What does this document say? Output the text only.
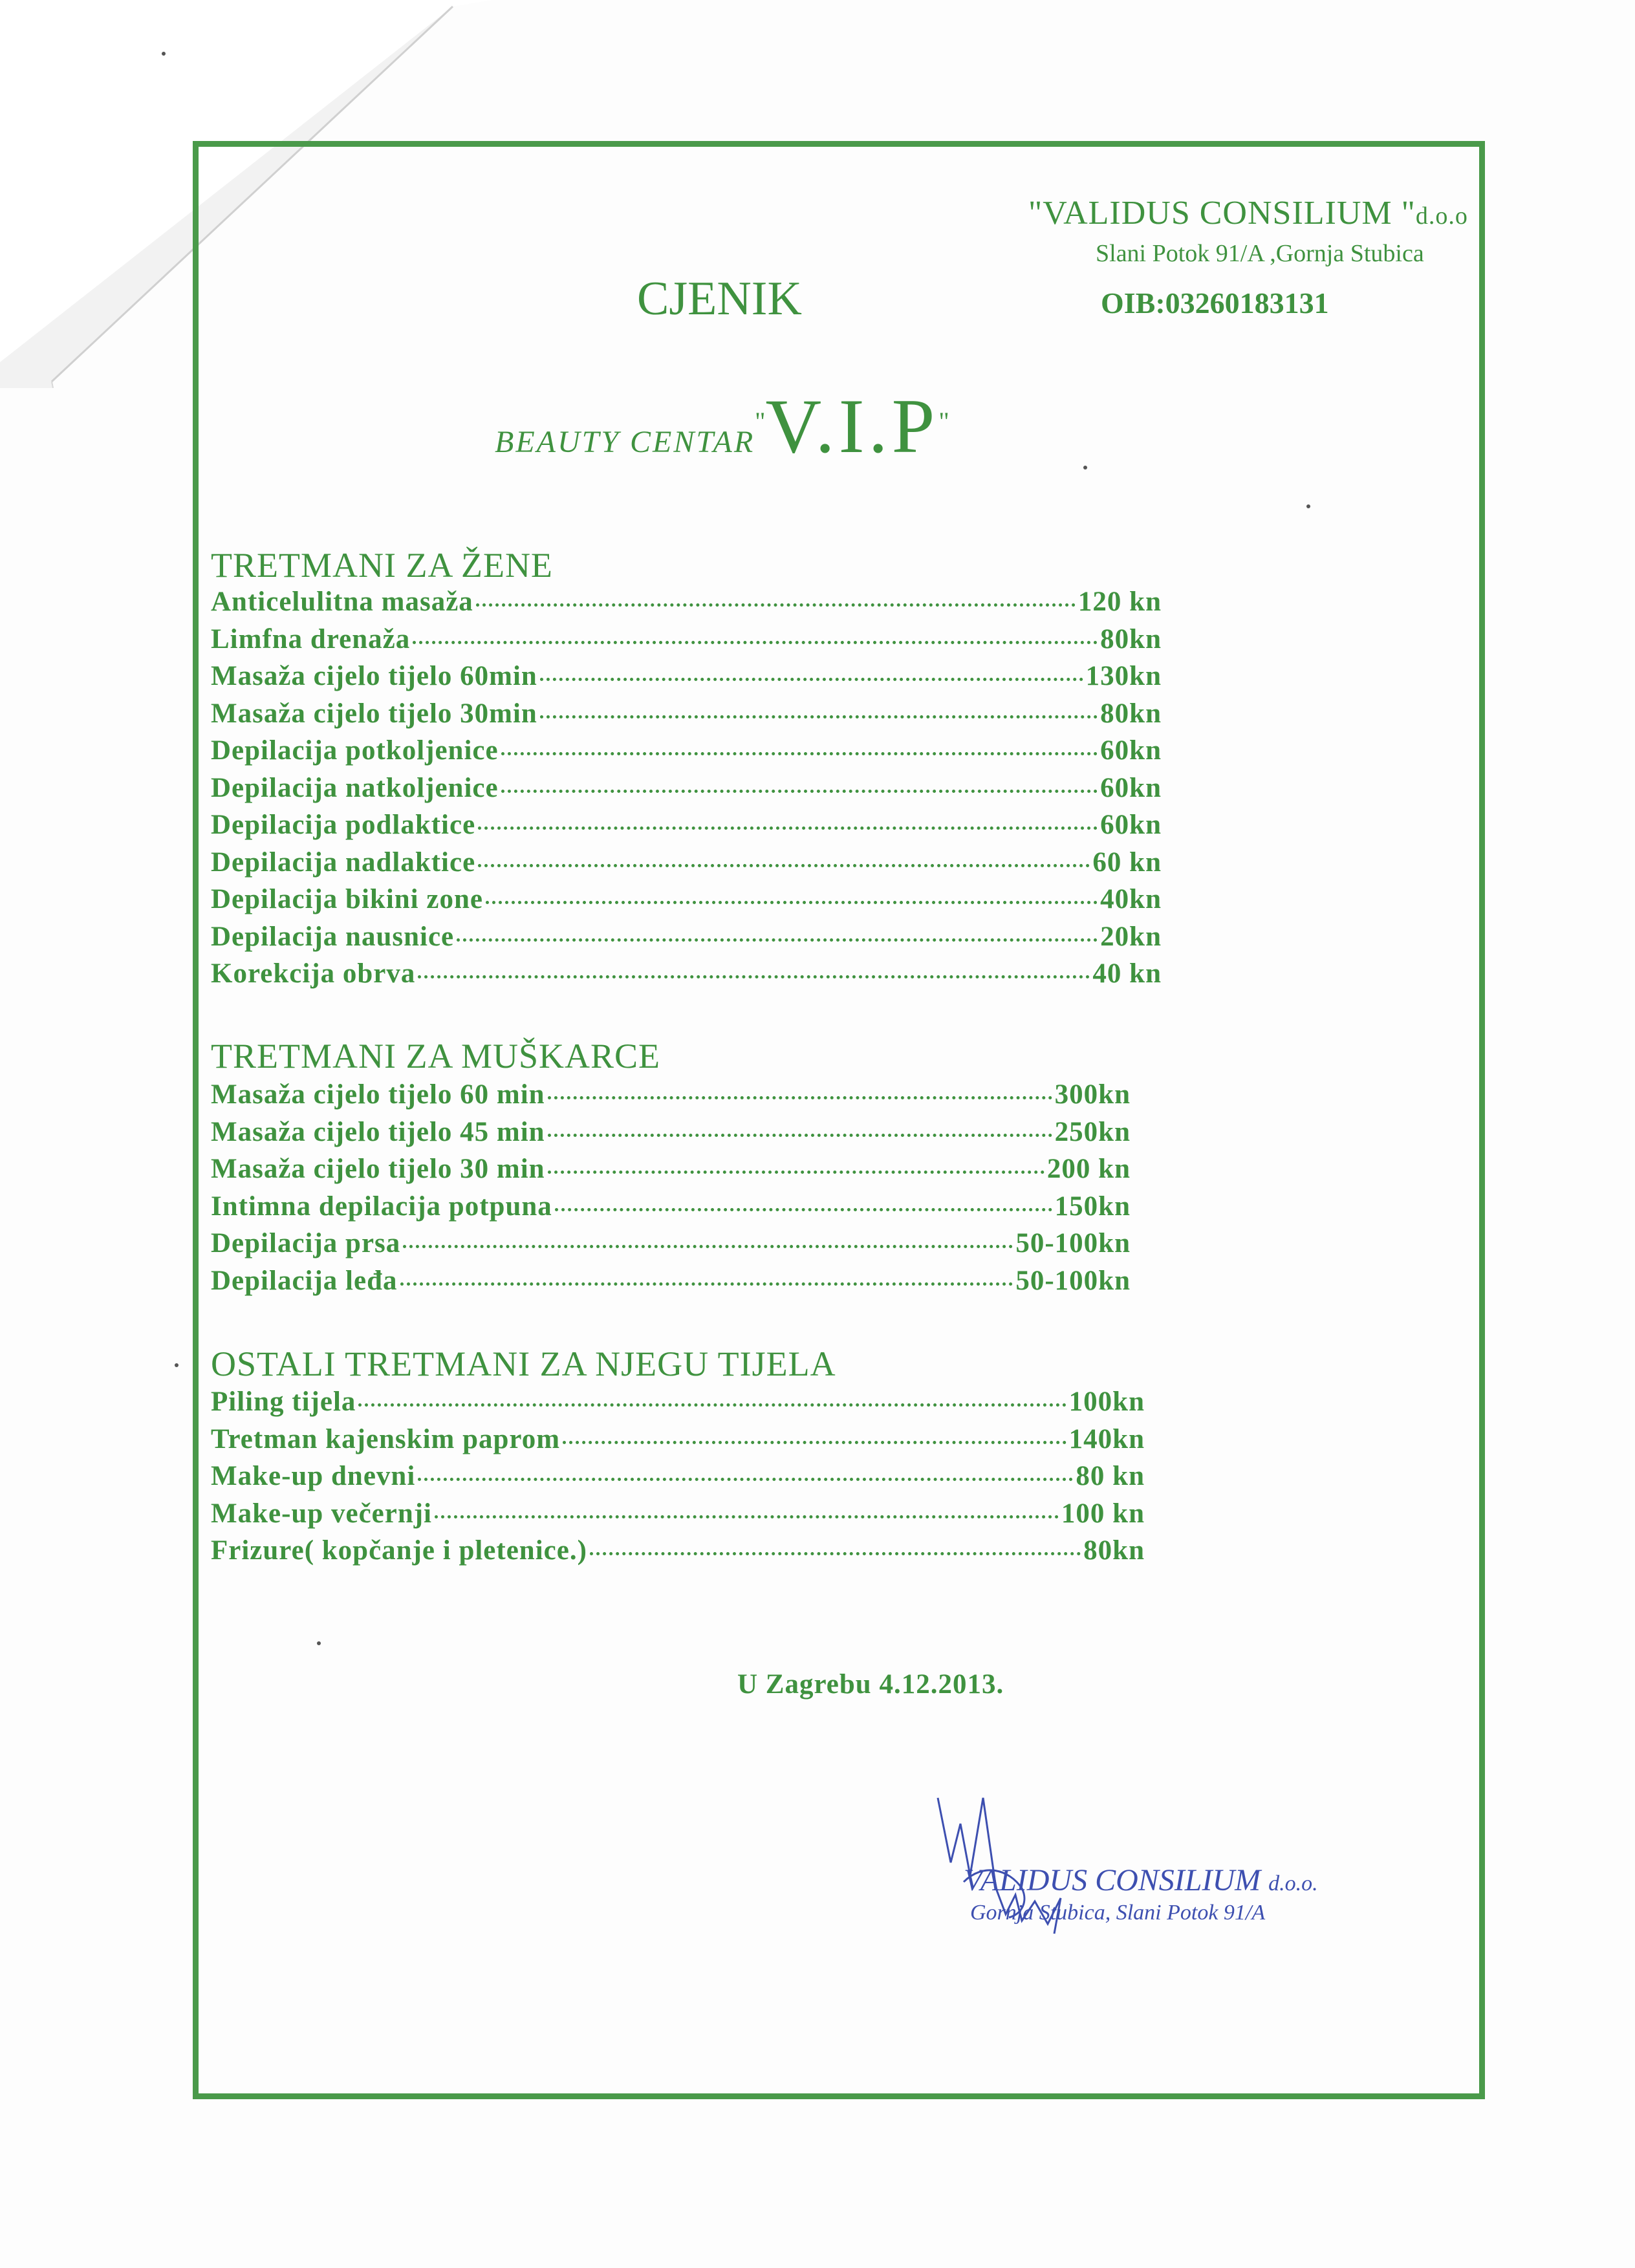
"VALIDUS CONSILIUM "d.o.o
Slani Potok 91/A ,Gornja Stubica
OIB:03260183131
CJENIK
BEAUTY CENTAR"V.I.P"
TRETMANI ZA ŽENE
Anticelulitna masaža	120 kn
Limfna drenaža	80kn
Masaža cijelo tijelo 60min	130kn
Masaža cijelo tijelo 30min	80kn
Depilacija potkoljenice	60kn
Depilacija natkoljenice	60kn
Depilacija podlaktice	60kn
Depilacija nadlaktice	60 kn
Depilacija bikini zone	40kn
Depilacija nausnice	20kn
Korekcija obrva	40 kn
TRETMANI ZA MUŠKARCE
Masaža cijelo tijelo 60 min	300kn
Masaža cijelo tijelo 45 min	250kn
Masaža cijelo tijelo 30 min	200 kn
Intimna depilacija potpuna	150kn
Depilacija prsa	50-100kn
Depilacija leđa	50-100kn
OSTALI TRETMANI ZA NJEGU TIJELA
Piling tijela	100kn
Tretman kajenskim paprom	140kn
Make-up dnevni	80 kn
Make-up večernji	100 kn
Frizure( kopčanje i pletenice.)	80kn
U Zagrebu 4.12.2013.
VALIDUS CONSILIUM d.o.o.
Gornja Stubica, Slani Potok 91/A
